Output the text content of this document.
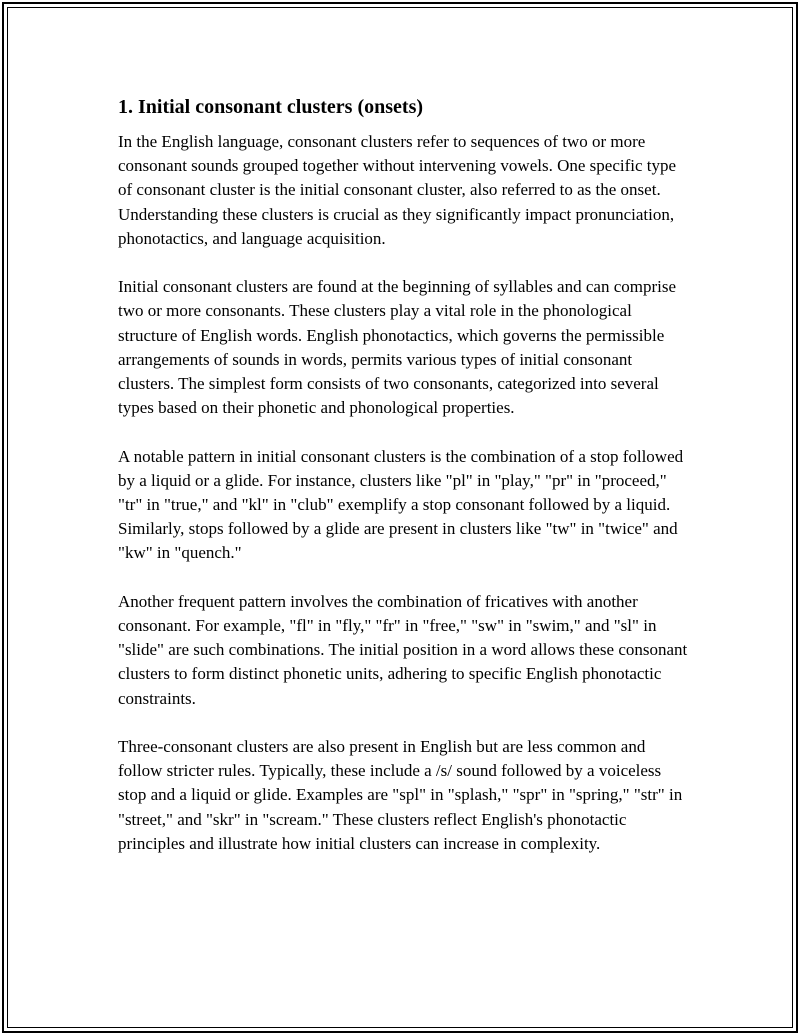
1. Initial consonant clusters (onsets)

In the English language, consonant clusters refer to sequences of two or more consonant sounds grouped together without intervening vowels. One specific type of consonant cluster is the initial consonant cluster, also referred to as the onset. Understanding these clusters is crucial as they significantly impact pronunciation, phonotactics, and language acquisition.

Initial consonant clusters are found at the beginning of syllables and can comprise two or more consonants. These clusters play a vital role in the phonological structure of English words. English phonotactics, which governs the permissible arrangements of sounds in words, permits various types of initial consonant clusters. The simplest form consists of two consonants, categorized into several types based on their phonetic and phonological properties.

A notable pattern in initial consonant clusters is the combination of a stop followed by a liquid or a glide. For instance, clusters like "pl" in "play," "pr" in "proceed," "tr" in "true," and "kl" in "club" exemplify a stop consonant followed by a liquid. Similarly, stops followed by a glide are present in clusters like "tw" in "twice" and "kw" in "quench."

Another frequent pattern involves the combination of fricatives with another consonant. For example, "fl" in "fly," "fr" in "free," "sw" in "swim," and "sl" in "slide" are such combinations. The initial position in a word allows these consonant clusters to form distinct phonetic units, adhering to specific English phonotactic constraints.

Three-consonant clusters are also present in English but are less common and follow stricter rules. Typically, these include a /s/ sound followed by a voiceless stop and a liquid or glide. Examples are "spl" in "splash," "spr" in "spring," "str" in "street," and "skr" in "scream." These clusters reflect English's phonotactic principles and illustrate how initial clusters can increase in complexity.
